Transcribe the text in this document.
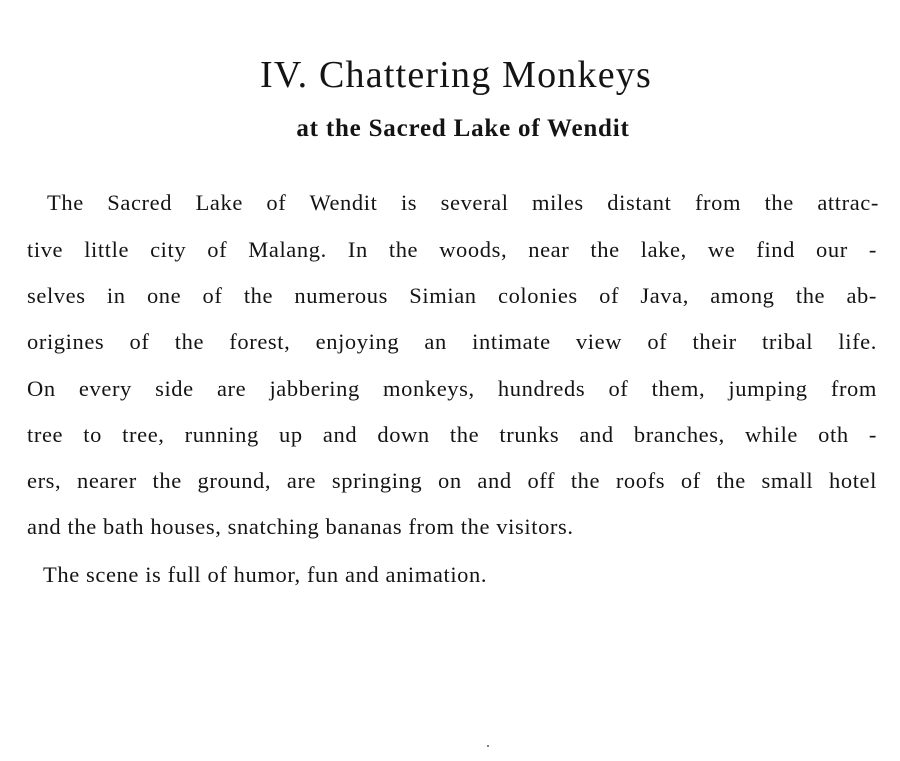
IV. Chattering Monkeys
at the Sacred Lake of Wendit

The Sacred Lake of Wendit is several miles distant from the attrac-

tive little city of Malang. In the woods, near the lake, we find our -

selves in one of the numerous Simian colonies of Java, among the ab-

origines of the forest, enjoying an intimate view of their tribal life.

On every side are jabbering monkeys, hundreds of them, jumping from

tree to tree, running up and down the trunks and branches, while oth -

ers, nearer the ground, are springing on and off the roofs of the small hotel

and the bath houses, snatching bananas from the visitors.

The scene is full of humor, fun and animation.
